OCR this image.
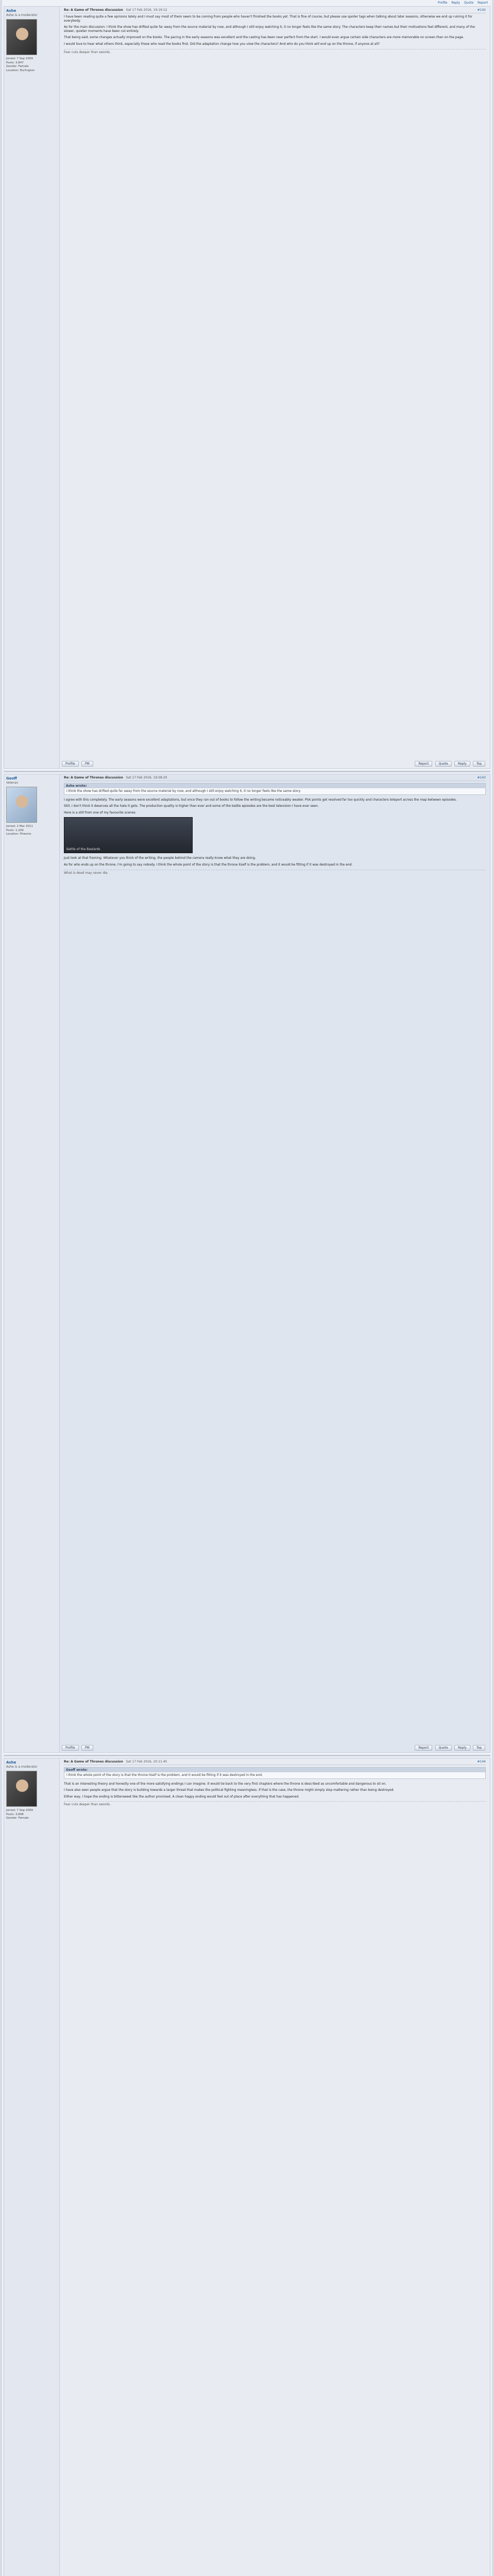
Profile Reply Quote Report
Ashe
Ashe is a moderator
Joined: 7 Sep 2009
Posts: 3,847
Gender: Female
Location: Burlington
Re: A Game of Thrones discussion Sat 17 Feb 2016, 19:19:12	#142

I have been reading quite a few opinions lately and I must say most of them seem to be coming from people who haven't finished the books yet. That is fine of course, but please use spoiler tags when talking about later seasons, otherwise we end up ruining it for everybody.

As for the main discussion: I think the show has drifted quite far away from the source material by now, and although I still enjoy watching it, it no longer feels like the same story. The characters keep their names but their motivations feel different, and many of the slower, quieter moments have been cut entirely.

That being said, some changes actually improved on the books. The pacing in the early seasons was excellent and the casting has been near perfect from the start. I would even argue certain side characters are more memorable on screen than on the page.

I would love to hear what others think, especially those who read the books first. Did the adaptation change how you view the characters? And who do you think will end up on the throne, if anyone at all?

Fear cuts deeper than swords.
Profile	PM	Report	Quote	Reply	Top
Geoff
Veteran
Joined: 2 Mar 2011
Posts: 1,209
Location: Pheonix
Re: A Game of Thrones discussion Sat 17 Feb 2016, 19:58:20	#143
Ashe wrote:
I think the show has drifted quite far away from the source material by now, and although I still enjoy watching it, it no longer feels like the same story.

I agree with this completely. The early seasons were excellent adaptations, but once they ran out of books to follow the writing became noticeably weaker. Plot points get resolved far too quickly and characters teleport across the map between episodes.

Still, I don't think it deserves all the hate it gets. The production quality is higher than ever and some of the battle episodes are the best television I have ever seen.

Here is a still from one of my favourite scenes:

Battle of the Bastards

Just look at that framing. Whatever you think of the writing, the people behind the camera really know what they are doing.

As for who ends up on the throne, I'm going to say nobody. I think the whole point of the story is that the throne itself is the problem, and it would be fitting if it was destroyed in the end.

What is dead may never die.
Profile	PM	Report	Quote	Reply	Top
Ashe
Ashe is a moderator
Joined: 7 Sep 2009
Posts: 3,848
Gender: Female
Re: A Game of Thrones discussion Sat 17 Feb 2016, 20:11:45	#144
Geoff wrote:
I think the whole point of the story is that the throne itself is the problem, and it would be fitting if it was destroyed in the end.

That is an interesting theory and honestly one of the more satisfying endings I can imagine. It would tie back to the very first chapters where the throne is described as uncomfortable and dangerous to sit on.

I have also seen people argue that the story is building towards a larger threat that makes the political fighting meaningless. If that is the case, the throne might simply stop mattering rather than being destroyed.

Either way, I hope the ending is bittersweet like the author promised. A clean happy ending would feel out of place after everything that has happened.

Fear cuts deeper than swords.
